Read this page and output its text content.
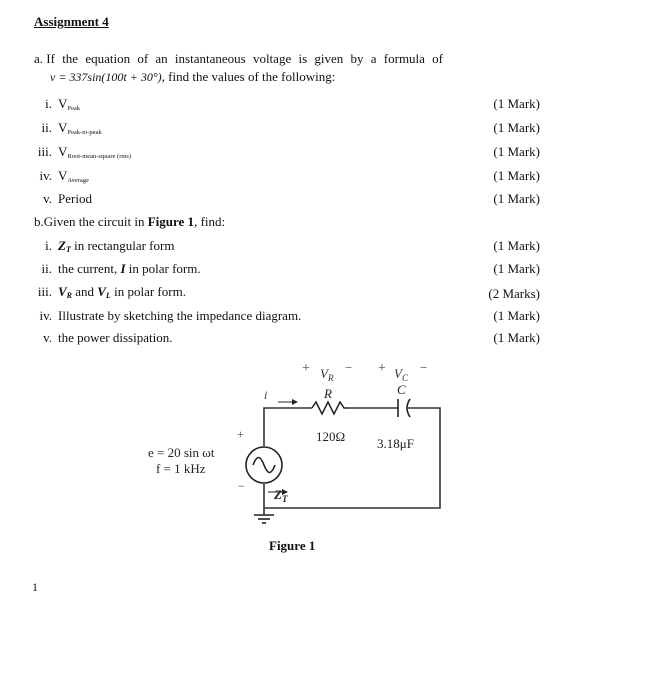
Assignment 4
a. If the equation of an instantaneous voltage is given by a formula of
v = 337sin(100t + 30°), find the values of the following:
i. $V_{Peak}$	(1 Mark)
ii. $V_{Peak-to-peak}$	(1 Mark)
iii. $V_{Root-mean-square (rms)}$	(1 Mark)
iv. $V_{Average}$	(1 Mark)
v. Period	(1 Mark)
b.Given the circuit in Figure 1, find:
i. ZT in rectangular form	(1 Mark)
ii. the current, I in polar form.	(1 Mark)
iii. VR and VL in polar form.	(2 Marks)
iv. Illustrate by sketching the impedance diagram.	(1 Mark)
v. the power dissipation.	(1 Mark)
+ $V_R$
− + $V_C$
−
i	R
120Ω
C
3.18μF
+
−
e = 20 sin ωt
f = 1 kHz
$Z_T$
Figure 1
1
